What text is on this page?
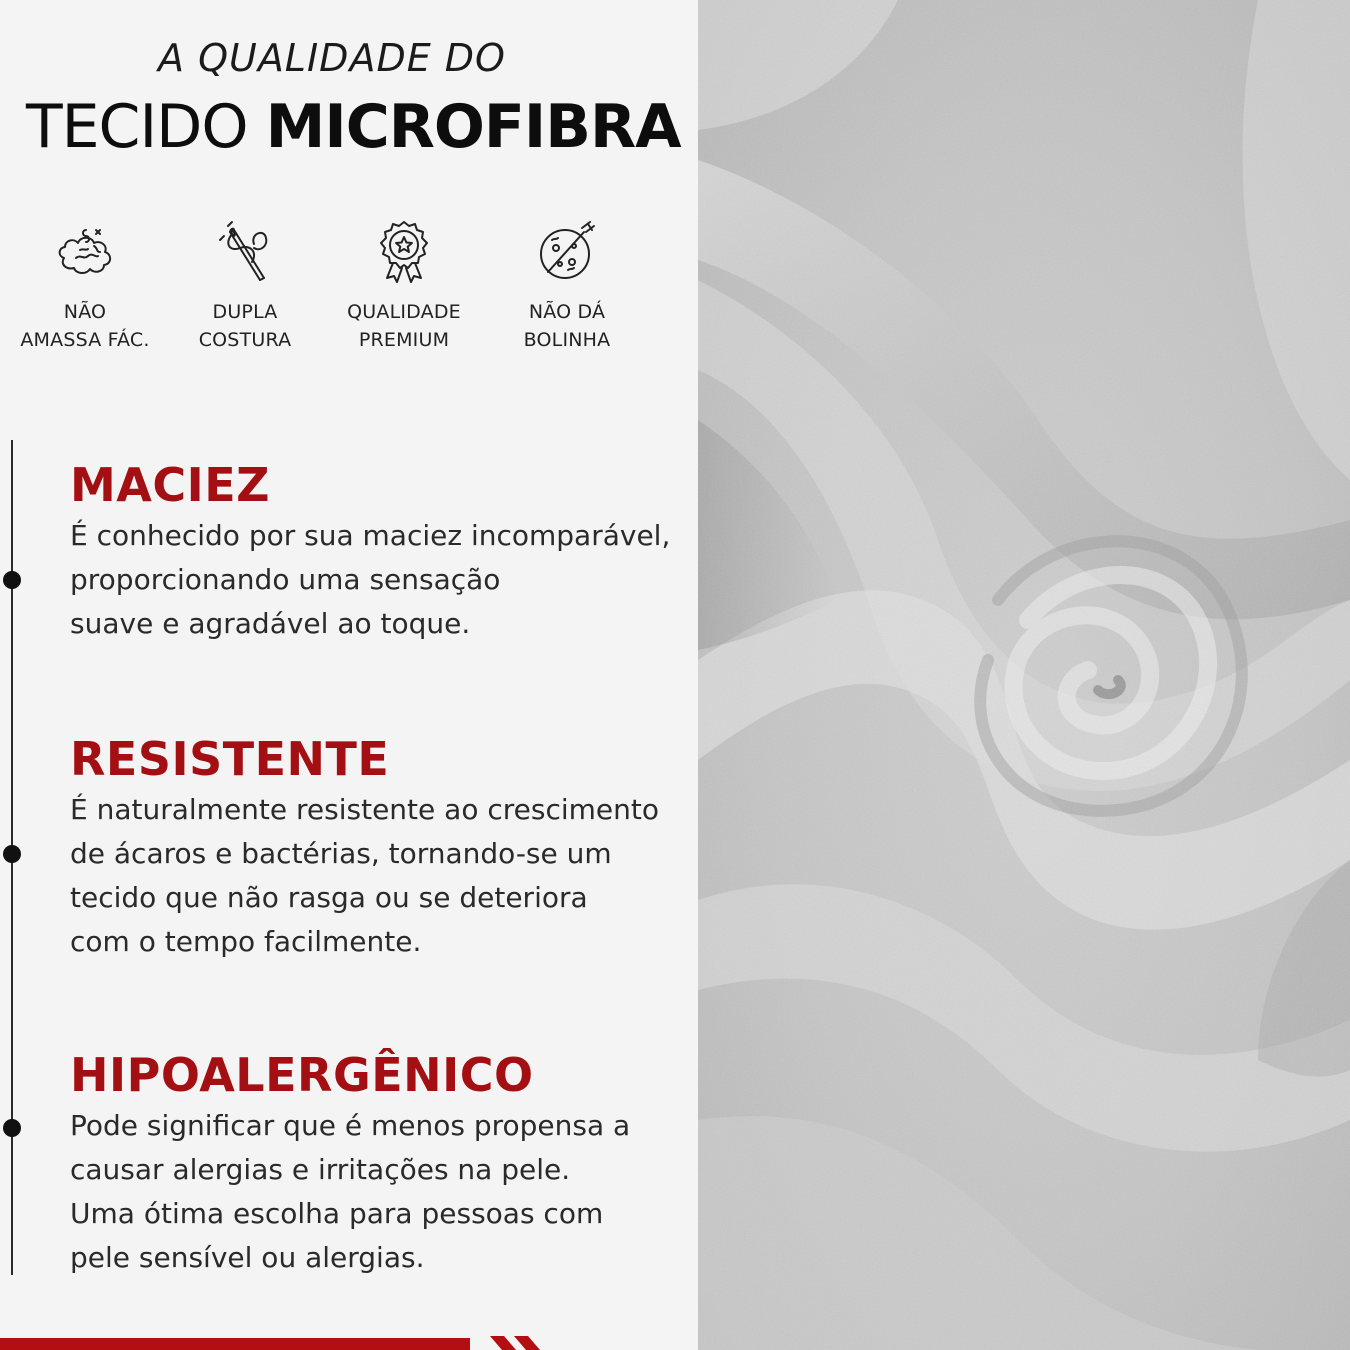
A QUALIDADE DO
TECIDO MICROFIBRA
NÃO
AMASSA FÁC.
DUPLA
COSTURA
QUALIDADE
PREMIUM
NÃO DÁ
BOLINHA
MACIEZ
É conhecido por sua maciez incomparável,
proporcionando uma sensação
suave e agradável ao toque.
RESISTENTE
É naturalmente resistente ao crescimento
de ácaros e bactérias, tornando-se um
tecido que não rasga ou se deteriora
com o tempo facilmente.
HIPOALERGÊNICO
Pode significar que é menos propensa a
causar alergias e irritações na pele.
Uma ótima escolha para pessoas com
pele sensível ou alergias.
